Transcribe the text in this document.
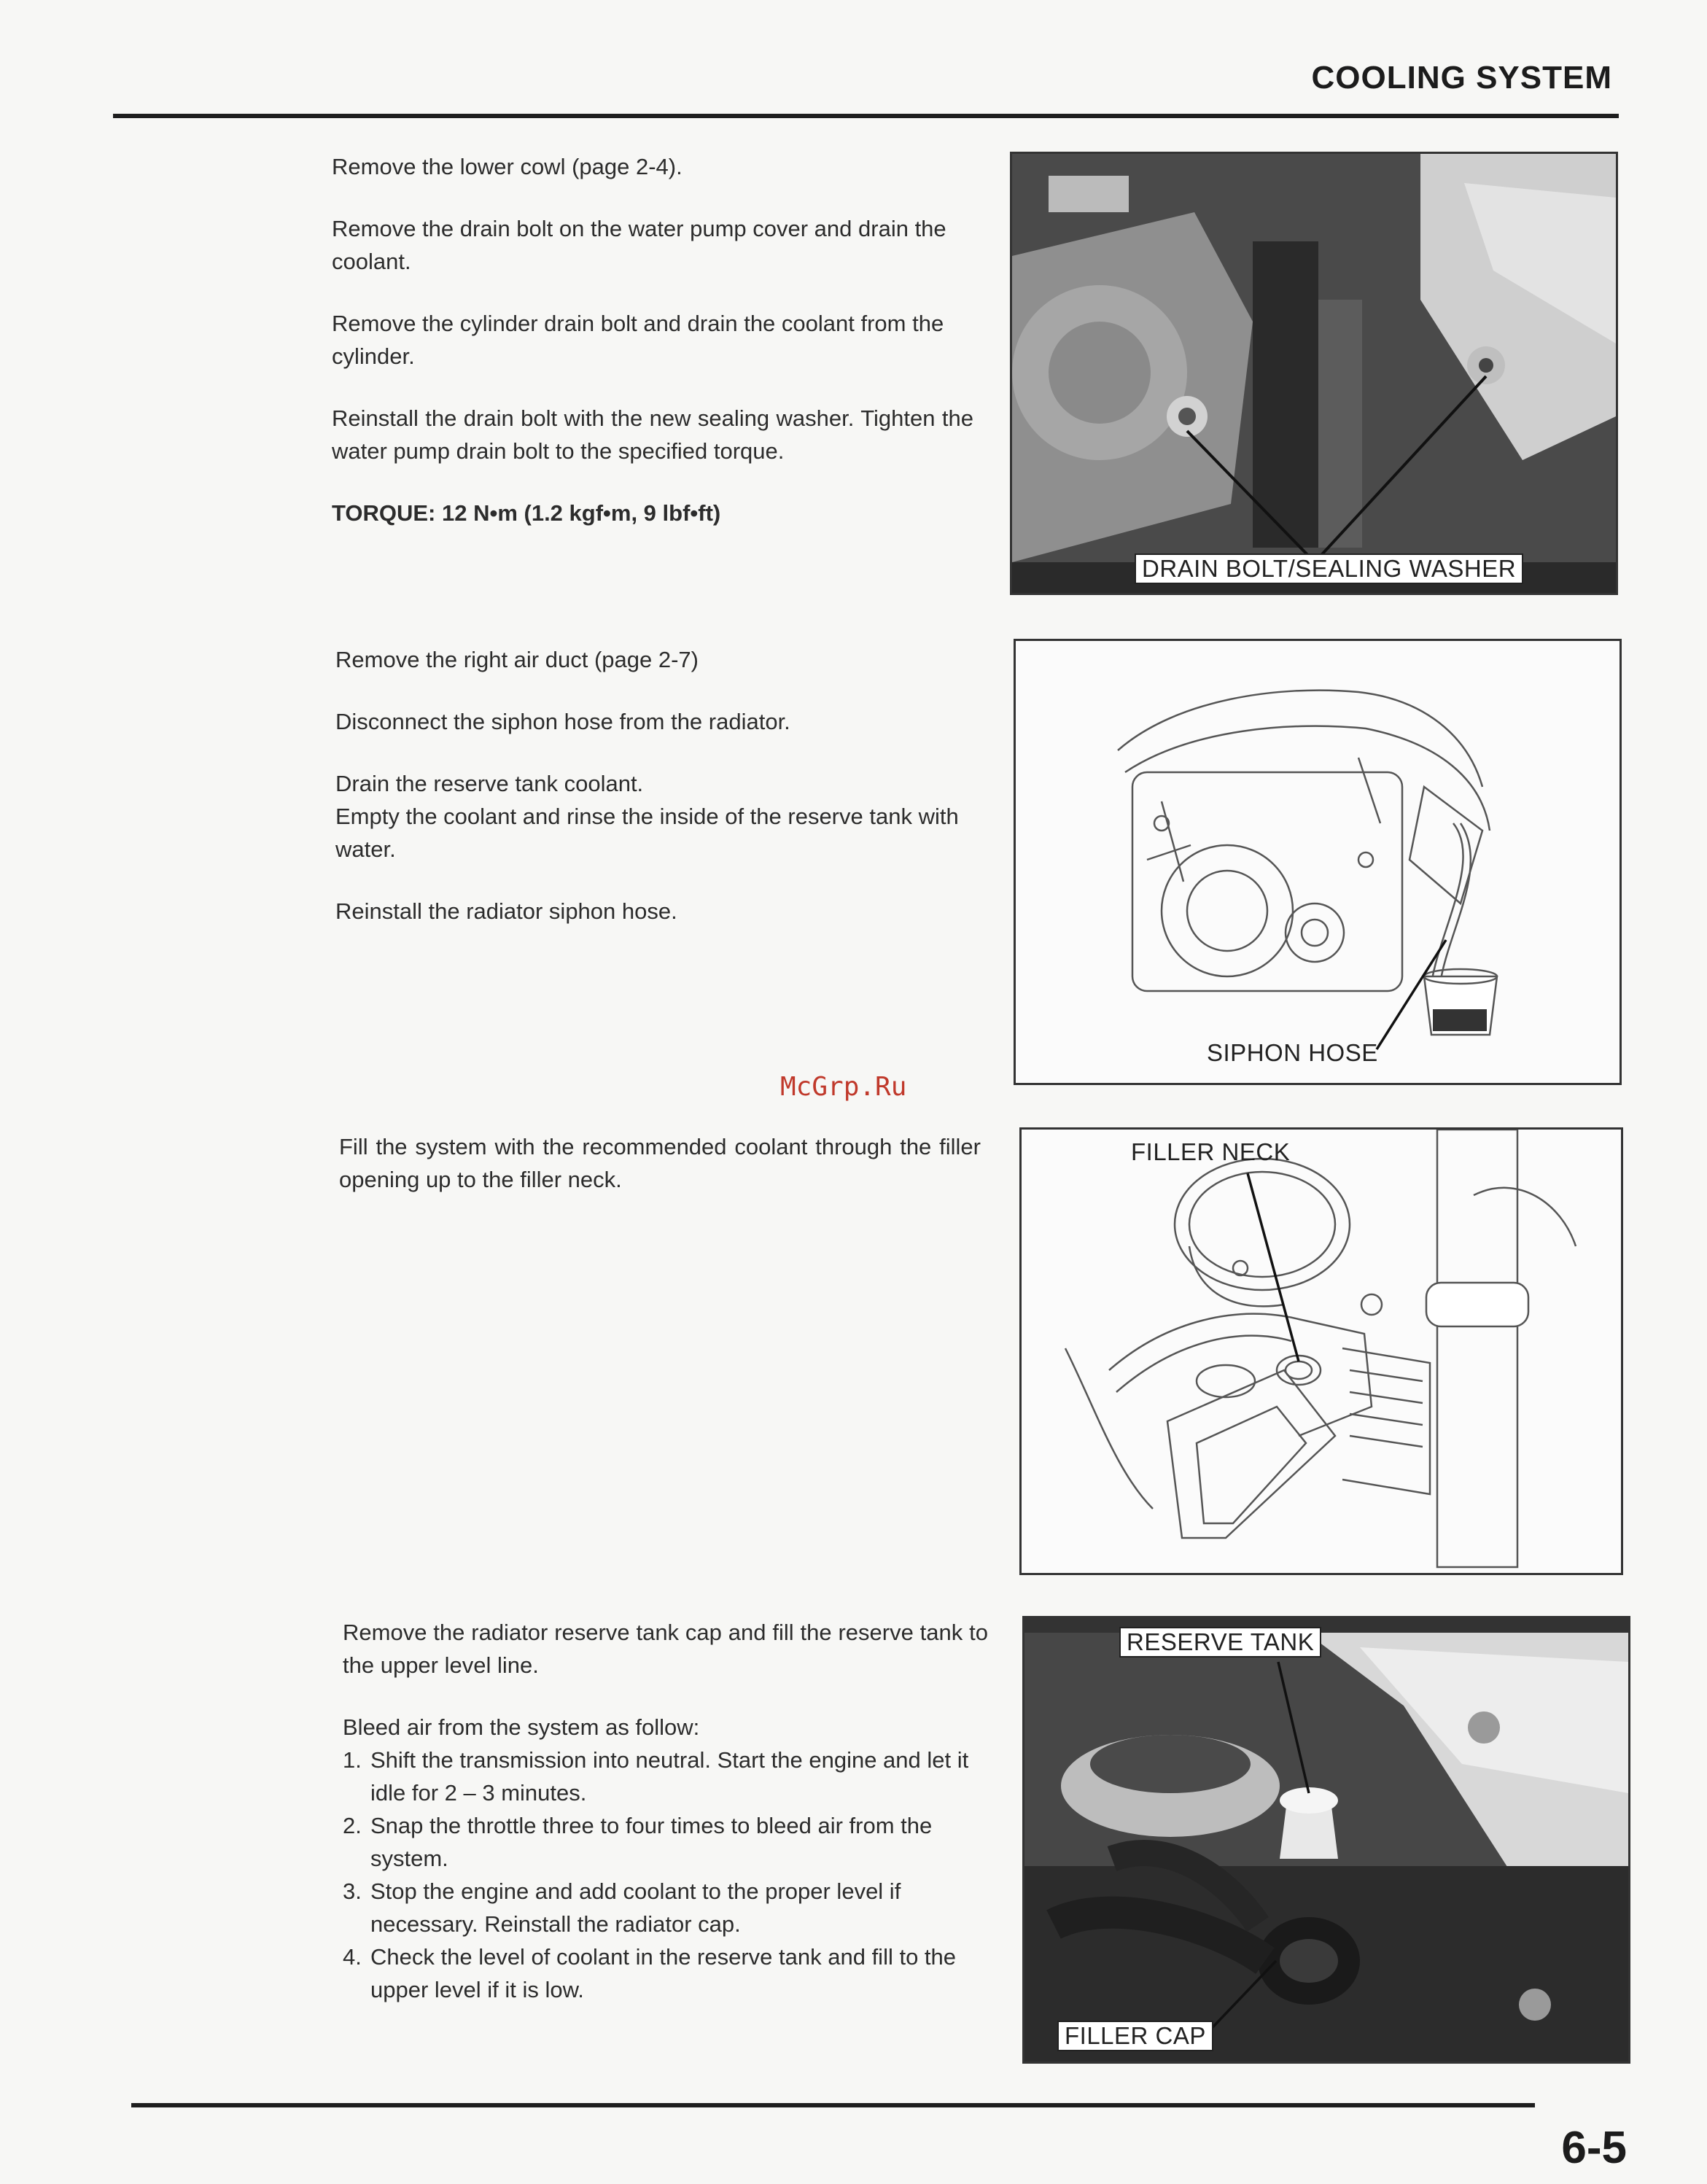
COOLING SYSTEM

Remove the lower cowl (page 2-4).

Remove the drain bolt on the water pump cover and drain the coolant.

Remove the cylinder drain bolt and drain the coolant from the cylinder.

Reinstall the drain bolt with the new sealing washer. Tighten the water pump drain bolt to the specified torque.

TORQUE: 12 N•m (1.2 kgf•m, 9 lbf•ft)

DRAIN BOLT/SEALING WASHER

Remove the right air duct (page 2-7)

Disconnect the siphon hose from the radiator.

Drain the reserve tank coolant.

Empty the coolant and rinse the inside of the reserve tank with water.

Reinstall the radiator siphon hose.

SIPHON HOSE
McGrp.Ru

Fill the system with the recommended coolant through the filler opening up to the filler neck.

FILLER NECK

Remove the radiator reserve tank cap and fill the reserve tank to the upper level line.

Bleed air from the system as follow:

1. Shift the transmission into neutral. Start the engine and let it idle for 2 – 3 minutes.
2. Snap the throttle three to four times to bleed air from the system.
3. Stop the engine and add coolant to the proper level if necessary. Reinstall the radiator cap.
4. Check the level of coolant in the reserve tank and fill to the upper level if it is low.
RESERVE TANK
FILLER CAP
6-5
